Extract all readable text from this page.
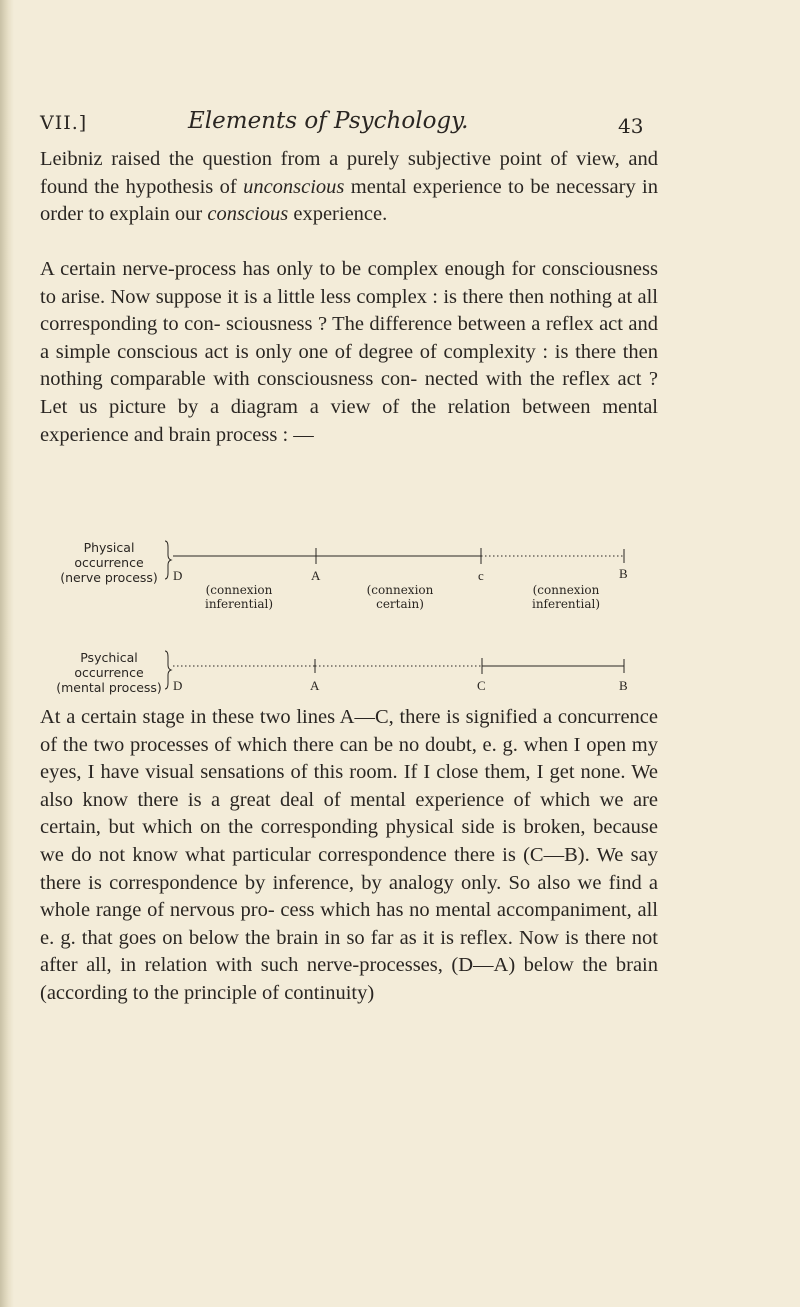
VII.]	Elements of Psychology.	43

Leibniz raised the question from a purely subjective point of view, and found the hypothesis of unconscious mental experience to be necessary in order to explain our conscious experience.

A certain nerve-process has only to be complex enough for consciousness to arise. Now suppose it is a little less complex : is there then nothing at all corresponding to con- sciousness ? The difference between a reflex act and a simple conscious act is only one of degree of complexity : is there then nothing comparable with consciousness con- nected with the reflex act ? Let us picture by a diagram a view of the relation between mental experience and brain process : —

Physical
occurrence
(nerve process)	D	A	c	B
(connexion
inferential)
(connexion
certain)
(connexion
inferential)
Psychical
occurrence
(mental process) D	A	C	B

At a certain stage in these two lines A—C, there is signified a concurrence of the two processes of which there can be no doubt, e. g. when I open my eyes, I have visual sensations of this room. If I close them, I get none. We also know there is a great deal of mental experience of which we are certain, but which on the corresponding physical side is broken, because we do not know what particular correspondence there is (C—B). We say there is correspondence by inference, by analogy only. So also we find a whole range of nervous pro- cess which has no mental accompaniment, all e. g. that goes on below the brain in so far as it is reflex. Now is there not after all, in relation with such nerve-processes, (D—A) below the brain (according to the principle of continuity)
